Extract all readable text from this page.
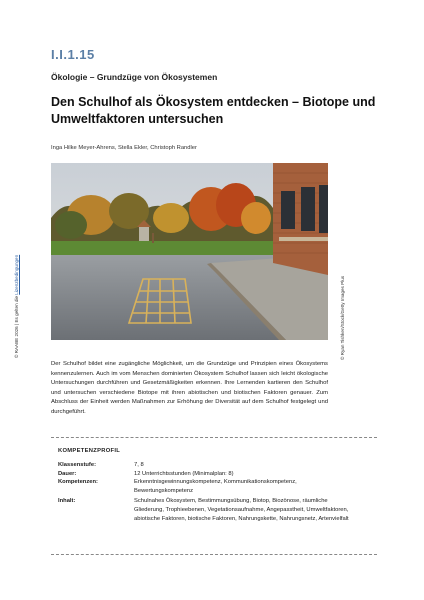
I.I.1.15
Ökologie – Grundzüge von Ökosystemen
Den Schulhof als Ökosystem entdecken – Biotope und Umweltfaktoren untersuchen
Inga Hilke Meyer-Ahrens, Stella Ekler, Christoph Randler
© RAABE 2026 | Es gelten die Lizenzbedingungen
© Ryan Tishken/Stock/Getty Images Plus
Der Schulhof bildet eine zugängliche Möglichkeit, um die Grundzüge und Prinzipien eines Ökosystems kennenzulernen. Auch im vom Menschen dominierten Ökosystem Schulhof lassen sich leicht ökologische Untersuchungen durchführen und Gesetzmäßigkeiten erkennen. Ihre Lernenden kartieren den Schulhof und untersuchen verschiedene Biotope mit ihren abiotischen und biotischen Faktoren genauer. Zum Abschluss der Einheit werden Maßnahmen zur Erhöhung der Diversität auf dem Schulhof festgelegt und durchgeführt.
KOMPETENZPROFIL
Klassenstufe:	7, 8
Dauer:	12 Unterrichtsstunden (Minimalplan: 8)
Kompetenzen:	Erkenntnisgewinnungskompetenz, Kommunikationskompetenz, Bewertungskompetenz
Inhalt:	Schulnahes Ökosystem, Bestimmungsübung, Biotop, Biozönose, räumliche Gliederung, Trophieebenen, Vegetationsaufnahme, Angepasstheit, Umweltfaktoren, abiotische Faktoren, biotische Faktoren, Nahrungskette, Nahrungsnetz, Artenvielfalt
